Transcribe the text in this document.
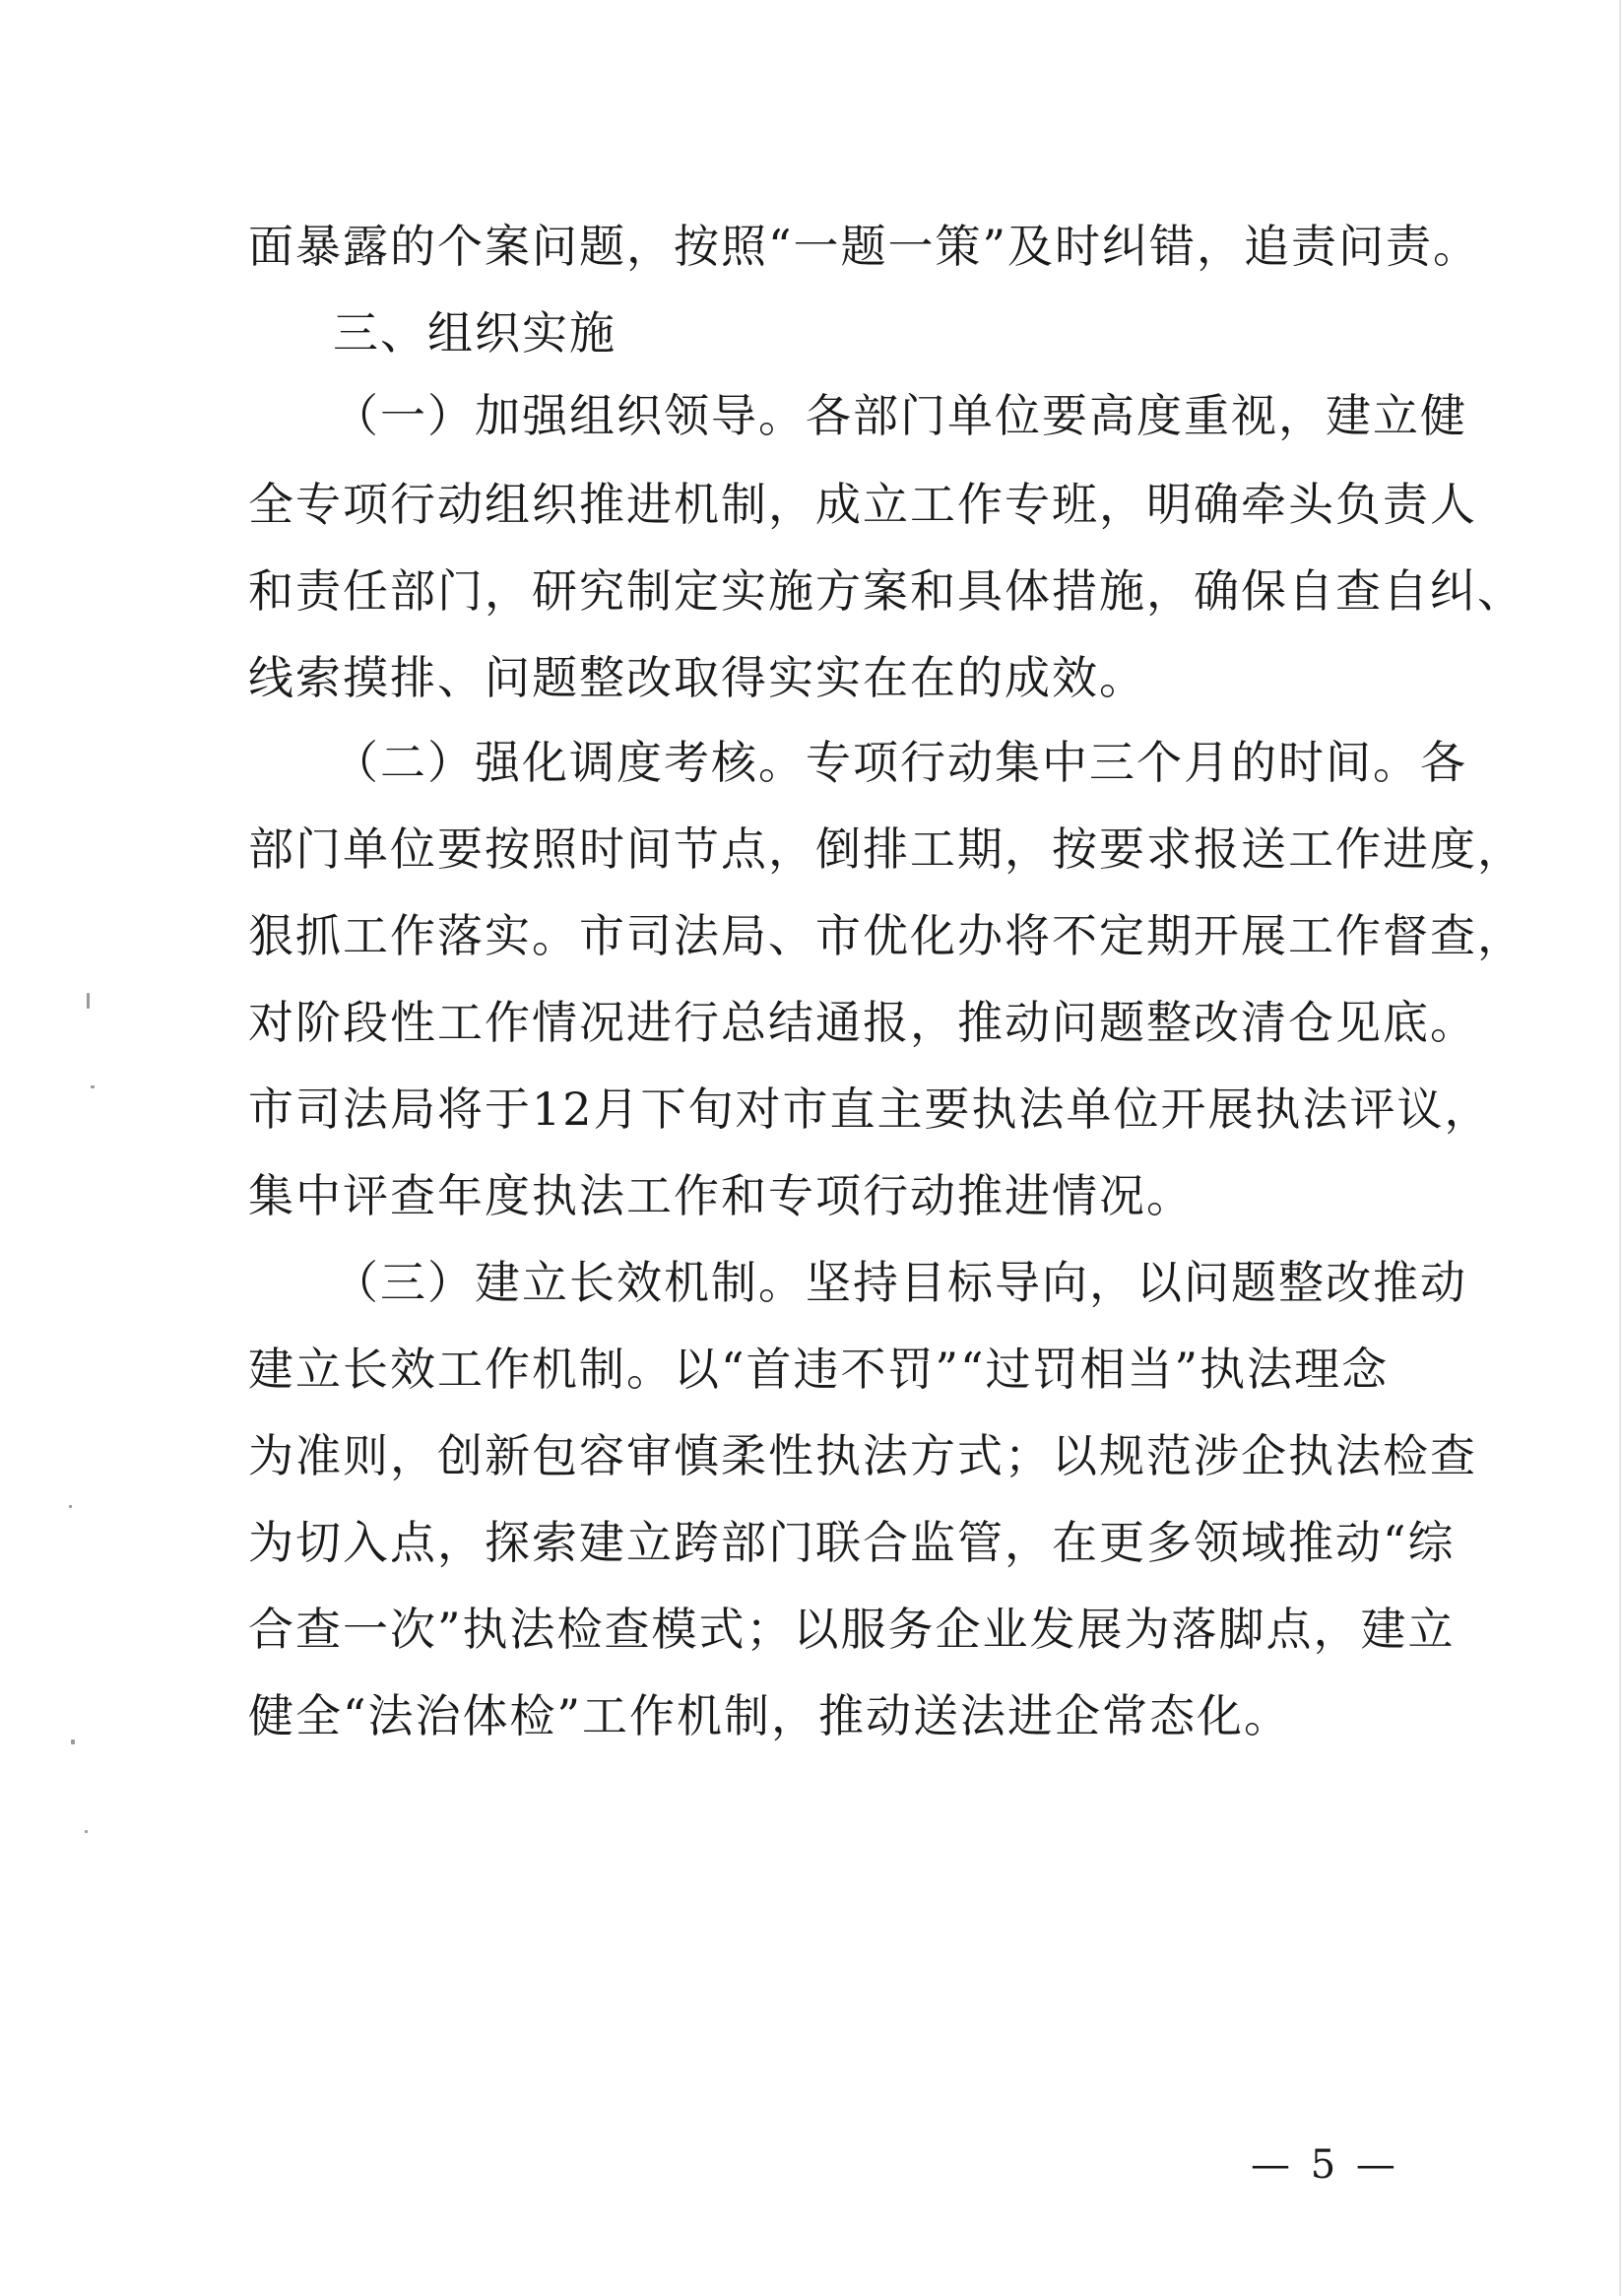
面暴露的个案问题，按照“一题一策”及时纠错，追责问责。
三、组织实施
（一）加强组织领导。各部门单位要高度重视，建立健
全专项行动组织推进机制，成立工作专班，明确牵头负责人
和责任部门，研究制定实施方案和具体措施，确保自查自纠、
线索摸排、问题整改取得实实在在的成效。
（二）强化调度考核。专项行动集中三个月的时间。各
部门单位要按照时间节点，倒排工期，按要求报送工作进度，
狠抓工作落实。市司法局、市优化办将不定期开展工作督查，
对阶段性工作情况进行总结通报，推动问题整改清仓见底。
市司法局将于12月下旬对市直主要执法单位开展执法评议，
集中评查年度执法工作和专项行动推进情况。
（三）建立长效机制。坚持目标导向，以问题整改推动
建立长效工作机制。以“首违不罚”“过罚相当”执法理念
为准则，创新包容审慎柔性执法方式；以规范涉企执法检查
为切入点，探索建立跨部门联合监管，在更多领域推动“综
合查一次”执法检查模式；以服务企业发展为落脚点，建立
健全“法治体检”工作机制，推动送法进企常态化。
— 5 —
